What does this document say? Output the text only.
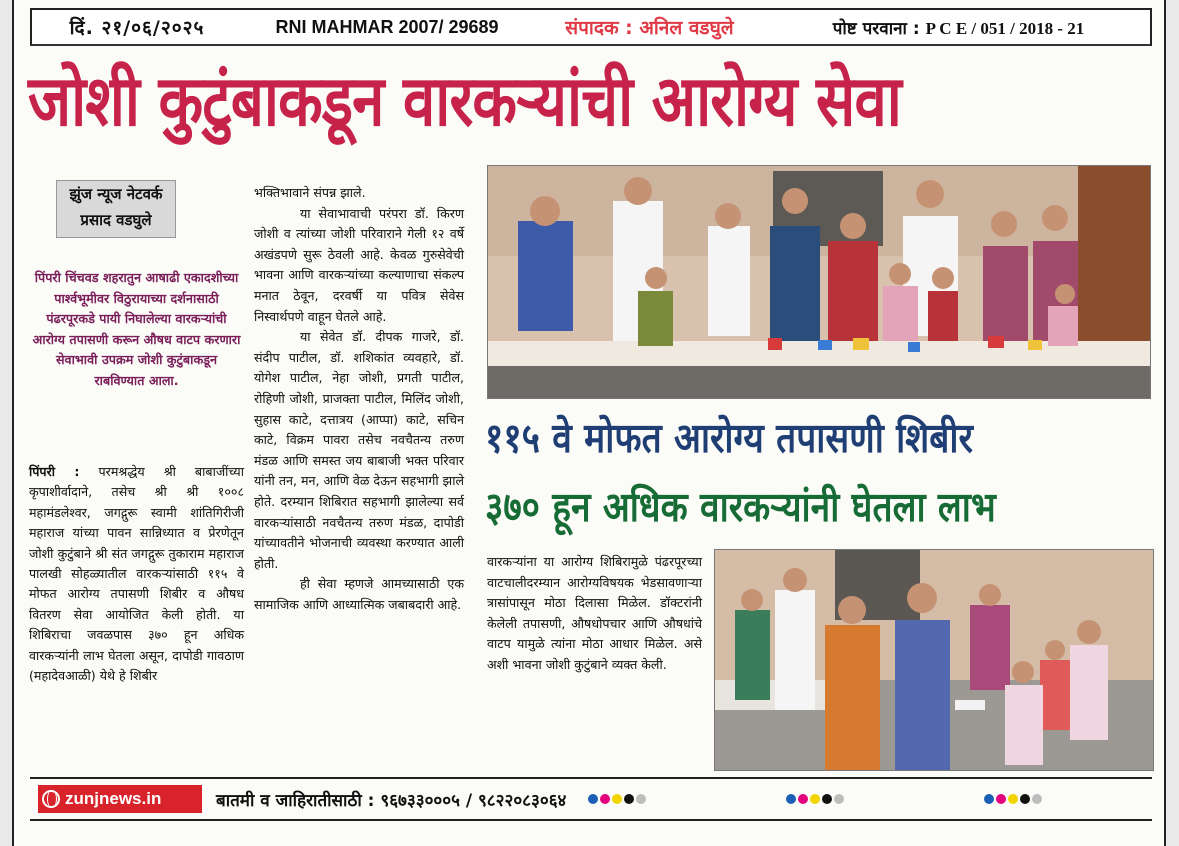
दिं. २१/०६/२०२५	RNI MAHMAR 2007/ 29689	संपादक : अनिल वडघुले	पोष्ट परवाना : P C E / 051 / 2018 - 21
जोशी कुटुंबाकडून वारकऱ्यांची आरोग्य सेवा
झुंज न्यूज नेटवर्क
प्रसाद वडघुले
पिंपरी चिंचवड शहरातुन आषाढी एकादशीच्या पार्श्वभूमीवर विठुरायाच्या दर्शनासाठी पंढरपूरकडे पायी निघालेल्या वारकऱ्यांची आरोग्य तपासणी करून औषध वाटप करणारा सेवाभावी उपक्रम जोशी कुटुंबाकडून राबविण्यात आला.
पिंपरी : परमश्रद्धेय श्री बाबाजींच्या कृपाशीर्वादाने, तसेच श्री श्री १००८ महामंडलेश्वर, जगद्गुरू स्वामी शांतिगिरीजी महाराज यांच्या पावन सान्निध्यात व प्रेरणेतून जोशी कुटुंबाने श्री संत जगद्गुरू तुकाराम महाराज पालखी सोहळ्यातील वारकऱ्यांसाठी ११५ वे मोफत आरोग्य तपासणी शिबीर व औषध वितरण सेवा आयोजित केली होती. या शिबिराचा जवळपास ३७० हून अधिक वारकऱ्यांनी लाभ घेतला असून, दापोडी गावठाण (महादेवआळी) येथे हे शिबीर

भक्तिभावाने संपन्न झाले.

या सेवाभावाची परंपरा डॉ. किरण जोशी व त्यांच्या जोशी परिवाराने गेली १२ वर्षे अखंडपणे सुरू ठेवली आहे. केवळ गुरुसेवेची भावना आणि वारकऱ्यांच्या कल्याणाचा संकल्प मनात ठेवून, दरवर्षी या पवित्र सेवेस निस्वार्थपणे वाहून घेतले आहे.

या सेवेत डॉ. दीपक गाजरे, डॉ. संदीप पाटील, डॉ. शशिकांत व्यवहारे, डॉ. योगेश पाटील, नेहा जोशी, प्रगती पाटील, रोहिणी जोशी, प्राजक्ता पाटील, मिलिंद जोशी, सुहास काटे, दत्तात्रय (आप्पा) काटे, सचिन काटे, विक्रम पावरा तसेच नवचैतन्य तरुण मंडळ आणि समस्त जय बाबाजी भक्त परिवार यांनी तन, मन, आणि वेळ देऊन सहभागी झाले होते. दरम्यान शिबिरात सहभागी झालेल्या सर्व वारकऱ्यांसाठी नवचैतन्य तरुण मंडळ, दापोडी यांच्यावतीने भोजनाची व्यवस्था करण्यात आली होती.

ही सेवा म्हणजे आमच्यासाठी एक सामाजिक आणि आध्यात्मिक जबाबदारी आहे.

११५ वे मोफत आरोग्य तपासणी शिबीर
३७० हून अधिक वारकऱ्यांनी घेतला लाभ
वारकऱ्यांना या आरोग्य शिबिरामुळे पंढरपूरच्या वाटचालीदरम्यान आरोग्यविषयक भेडसावणाऱ्या त्रासांपासून मोठा दिलासा मिळेल. डॉक्टरांनी केलेली तपासणी, औषधोपचार आणि औषधांचे वाटप यामुळे त्यांना मोठा आधार मिळेल. असे अशी भावना जोशी कुटुंबाने व्यक्त केली.
zunjnews.in	बातमी व जाहिरातीसाठी : ९६७३३०००५ / ९८२२०८३०६४
